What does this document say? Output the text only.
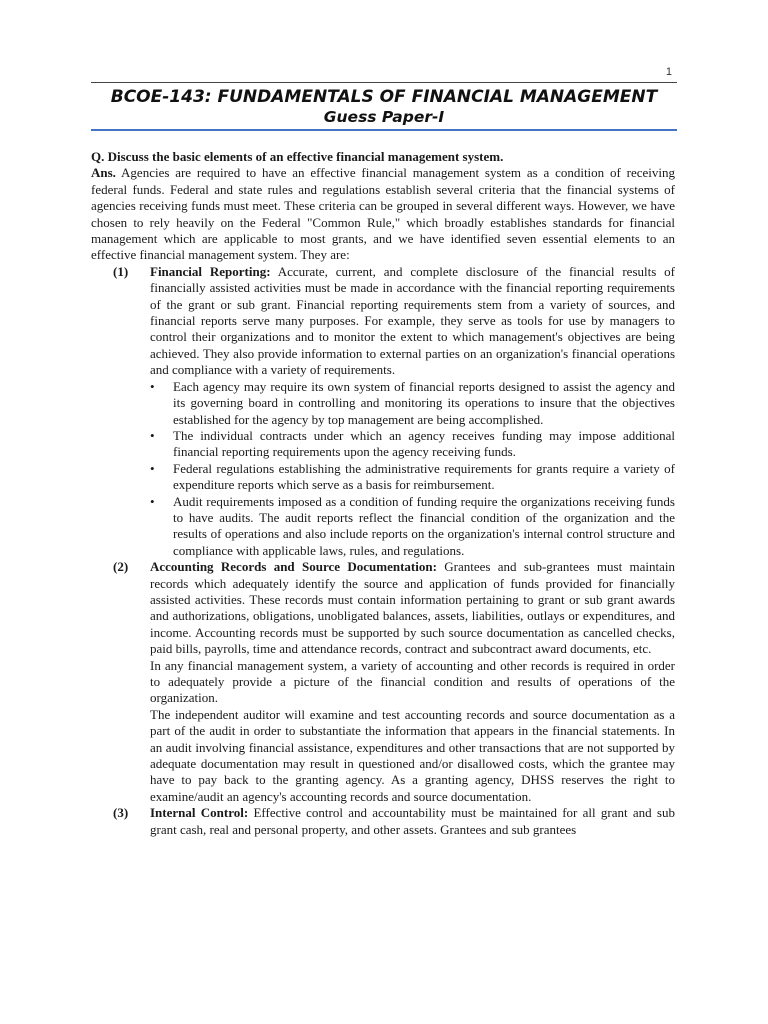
1
BCOE-143: FUNDAMENTALS OF FINANCIAL MANAGEMENT
Guess Paper-I

Q. Discuss the basic elements of an effective financial management system.

Ans. Agencies are required to have an effective financial management system as a condition of receiving federal funds. Federal and state rules and regulations establish several criteria that the financial systems of agencies receiving funds must meet. These criteria can be grouped in several different ways. However, we have chosen to rely heavily on the Federal "Common Rule," which broadly establishes standards for financial management which are applicable to most grants, and we have identified seven essential elements to an effective financial management system. They are:

(1) Financial Reporting: Accurate, current, and complete disclosure of the financial results of financially assisted activities must be made in accordance with the financial reporting requirements of the grant or sub grant. Financial reporting requirements stem from a variety of sources, and financial reports serve many purposes. For example, they serve as tools for use by managers to control their organizations and to monitor the extent to which management's objectives are being achieved. They also provide information to external parties on an organization's financial operations and compliance with a variety of requirements.

• Each agency may require its own system of financial reports designed to assist the agency and its governing board in controlling and monitoring its operations to insure that the objectives established for the agency by top management are being accomplished.
• The individual contracts under which an agency receives funding may impose additional financial reporting requirements upon the agency receiving funds.
• Federal regulations establishing the administrative requirements for grants require a variety of expenditure reports which serve as a basis for reimbursement.
• Audit requirements imposed as a condition of funding require the organizations receiving funds to have audits. The audit reports reflect the financial condition of the organization and the results of operations and also include reports on the organization's internal control structure and compliance with applicable laws, rules, and regulations.
(2) Accounting Records and Source Documentation: Grantees and sub-grantees must maintain records which adequately identify the source and application of funds provided for financially assisted activities. These records must contain information pertaining to grant or sub grant awards and authorizations, obligations, unobligated balances, assets, liabilities, outlays or expenditures, and income. Accounting records must be supported by such source documentation as cancelled checks, paid bills, payrolls, time and attendance records, contract and subcontract award documents, etc.

In any financial management system, a variety of accounting and other records is required in order to adequately provide a picture of the financial condition and results of operations of the organization.

The independent auditor will examine and test accounting records and source documentation as a part of the audit in order to substantiate the information that appears in the financial statements. In an audit involving financial assistance, expenditures and other transactions that are not supported by adequate documentation may result in questioned and/or disallowed costs, which the grantee may have to pay back to the granting agency. As a granting agency, DHSS reserves the right to examine/audit an agency's accounting records and source documentation.

(3) Internal Control: Effective control and accountability must be maintained for all grant and sub grant cash, real and personal property, and other assets. Grantees and sub grantees
